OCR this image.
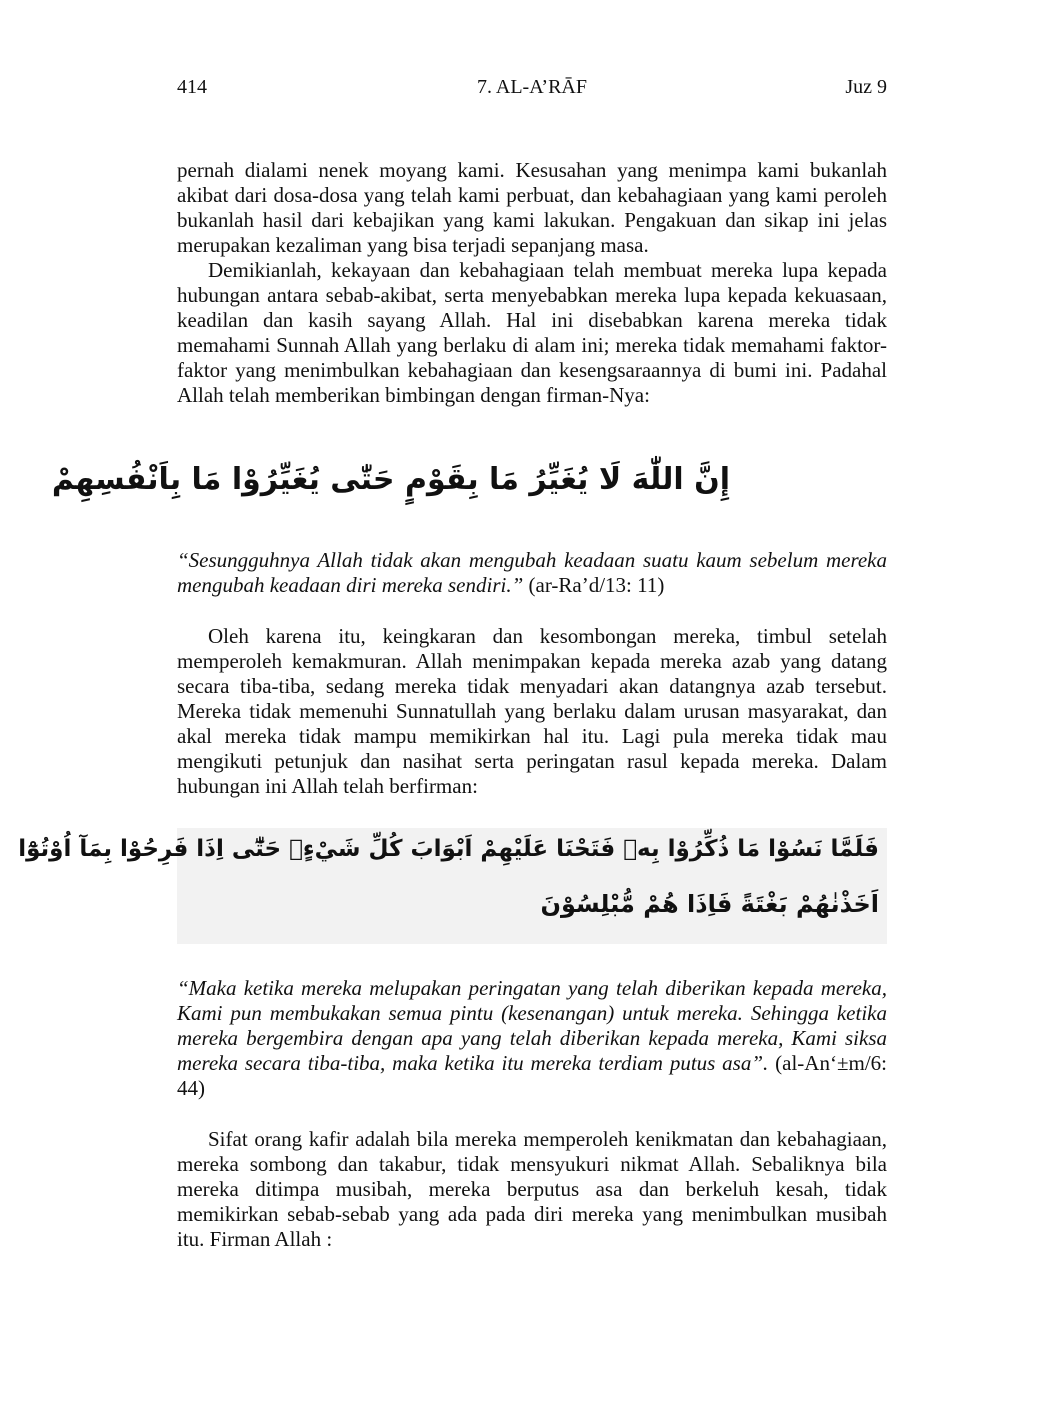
414	7. AL-A’RĀF	Juz 9

pernah dialami nenek moyang kami. Kesusahan yang menimpa kami bukanlah akibat dari dosa-dosa yang telah kami perbuat, dan kebahagiaan yang kami peroleh bukanlah hasil dari kebajikan yang kami lakukan. Pengakuan dan sikap ini jelas merupakan kezaliman yang bisa terjadi sepanjang masa.

Demikianlah, kekayaan dan kebahagiaan telah membuat mereka lupa kepada hubungan antara sebab-akibat, serta menyebabkan mereka lupa kepada kekuasaan, keadilan dan kasih sayang Allah. Hal ini disebabkan karena mereka tidak memahami Sunnah Allah yang berlaku di alam ini; mereka tidak memahami faktor-faktor yang menimbulkan kebahagiaan dan kesengsaraannya di bumi ini. Padahal Allah telah memberikan bimbingan dengan firman-Nya:

إِنَّ اللّٰهَ لَا يُغَيِّرُ مَا بِقَوْمٍ حَتّٰى يُغَيِّرُوْا مَا بِاَنْفُسِهِمْ

“Sesungguhnya Allah tidak akan mengubah keadaan suatu kaum sebelum mereka mengubah keadaan diri mereka sendiri.” (ar-Ra’d/13: 11)

Oleh karena itu, keingkaran dan kesombongan mereka, timbul setelah memperoleh kemakmuran. Allah menimpakan kepada mereka azab yang datang secara tiba-tiba, sedang mereka tidak menyadari akan datangnya azab tersebut. Mereka tidak memenuhi Sunnatullah yang berlaku dalam urusan masyarakat, dan akal mereka tidak mampu memikirkan hal itu. Lagi pula mereka tidak mau mengikuti petunjuk dan nasihat serta peringatan rasul kepada mereka. Dalam hubungan ini Allah telah berfirman:

فَلَمَّا نَسُوْا مَا ذُكِّرُوْا بِهٖ فَتَحْنَا عَلَيْهِمْ اَبْوَابَ كُلِّ شَيْءٍۗ حَتّٰٓى اِذَا فَرِحُوْا بِمَآ اُوْتُوْٓا
اَخَذْنٰهُمْ بَغْتَةً فَاِذَا هُمْ مُّبْلِسُوْنَ

“Maka ketika mereka melupakan peringatan yang telah diberikan kepada mereka, Kami pun membukakan semua pintu (kesenangan) untuk mereka. Sehingga ketika mereka bergembira dengan apa yang telah diberikan kepada mereka, Kami siksa mereka secara tiba-tiba, maka ketika itu mereka terdiam putus asa”. (al-An‘±m/6: 44)

Sifat orang kafir adalah bila mereka memperoleh kenikmatan dan kebahagiaan, mereka sombong dan takabur, tidak mensyukuri nikmat Allah. Sebaliknya bila mereka ditimpa musibah, mereka berputus asa dan berkeluh kesah, tidak memikirkan sebab-sebab yang ada pada diri mereka yang menimbulkan musibah itu. Firman Allah :
